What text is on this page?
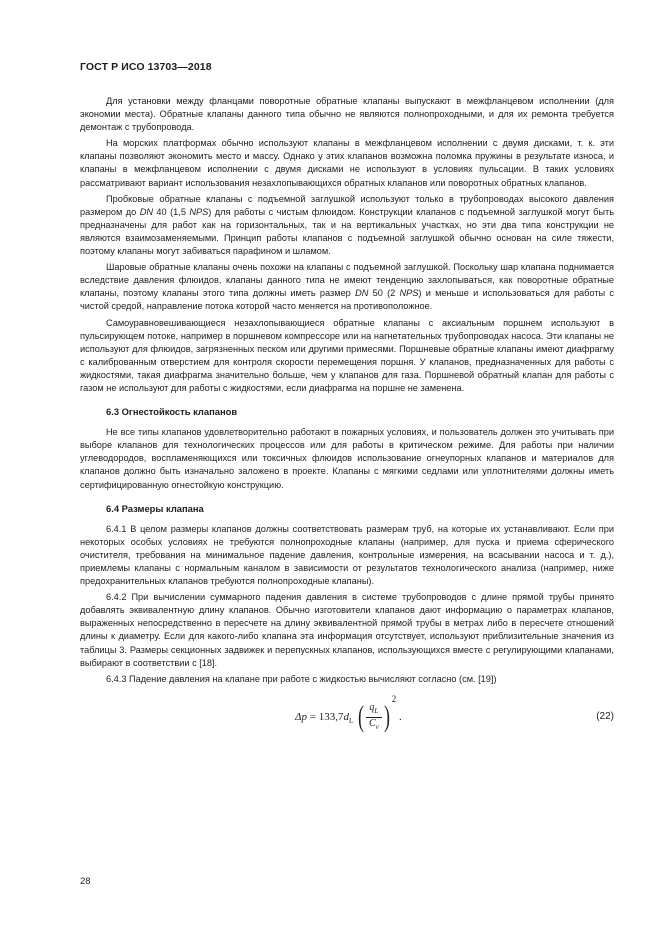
ГОСТ Р ИСО 13703—2018

Для установки между фланцами поворотные обратные клапаны выпускают в межфланцевом исполнении (для экономии места). Обратные клапаны данного типа обычно не являются полнопроходными, и для их ремонта требуется демонтаж с трубопровода.

На морских платформах обычно используют клапаны в межфланцевом исполнении с двумя дисками, т. к. эти клапаны позволяют экономить место и массу. Однако у этих клапанов возможна поломка пружины в результате износа, и клапаны в межфланцевом исполнении с двумя дисками не используют в условиях пульсации. В таких условиях рассматривают вариант использования незахлопывающихся обратных клапанов или поворотных обратных клапанов.

Пробковые обратные клапаны с подъемной заглушкой используют только в трубопроводах высокого давления размером до DN 40 (1,5 NPS) для работы с чистым флюидом. Конструкции клапанов с подъемной заглушкой могут быть предназначены для работ как на горизонтальных, так и на вертикальных участках, но эти два типа конструкции не являются взаимозаменяемыми. Принцип работы клапанов с подъемной заглушкой обычно основан на силе тяжести, поэтому клапаны могут забиваться парафином и шламом.

Шаровые обратные клапаны очень похожи на клапаны с подъемной заглушкой. Поскольку шар клапана поднимается вследствие давления флюидов, клапаны данного типа не имеют тенденцию захлопываться, как поворотные обратные клапаны, поэтому клапаны этого типа должны иметь размер DN 50 (2 NPS) и меньше и использоваться для работы с чистой средой, направление потока которой часто меняется на противоположное.

Самоуравновешивающиеся незахлопывающиеся обратные клапаны с аксиальным поршнем используют в пульсирующем потоке, например в поршневом компрессоре или на нагнетательных трубопроводах насоса. Эти клапаны не используют для флюидов, загрязненных песком или другими примесями. Поршневые обратные клапаны имеют диафрагму с калиброванным отверстием для контроля скорости перемещения поршня. У клапанов, предназначенных для работы с жидкостями, такая диафрагма значительно больше, чем у клапанов для газа. Поршневой обратный клапан для работы с газом не используют для работы с жидкостями, если диафрагма на поршне не заменена.

6.3 Огнестойкость клапанов

Не все типы клапанов удовлетворительно работают в пожарных условиях, и пользователь должен это учитывать при выборе клапанов для технологических процессов или для работы в критическом режиме. Для работы при наличии углеводородов, воспламеняющихся или токсичных флюидов использование огнеупорных клапанов и материалов для клапанов должно быть изначально заложено в проекте. Клапаны с мягкими седлами или уплотнителями должны иметь сертифицированную огнестойкую конструкцию.

6.4 Размеры клапана

6.4.1 В целом размеры клапанов должны соответствовать размерам труб, на которые их устанавливают. Если при некоторых особых условиях не требуются полнопроходные клапаны (например, для пуска и приема сферического очистителя, требования на минимальное падение давления, контрольные измерения, на всасывании насоса и т. д.), приемлемы клапаны с нормальным каналом в зависимости от результатов технологического анализа (например, ниже предохранительных клапанов требуются полнопроходные клапаны).

6.4.2 При вычислении суммарного падения давления в системе трубопроводов с длине прямой трубы принято добавлять эквивалентную длину клапанов. Обычно изготовители клапанов дают информацию о параметрах клапанов, выраженных непосредственно в пересчете на длину эквивалентной прямой трубы в метрах либо в пересчете отношений длины к диаметру. Если для какого-либо клапана эта информация отсутствует, используют приблизительные значения из таблицы 3. Размеры секционных задвижек и перепускных клапанов, использующихся вместе с регулирующими клапанами, выбирают в соответствии с [18].

6.4.3 Падение давления на клапане при работе с жидкостью вычисляют согласно (см. [19])

$\Delta p = 133,7d_L$ ( $\frac{q_L}{C_v} )^2$ .	(22)
28
